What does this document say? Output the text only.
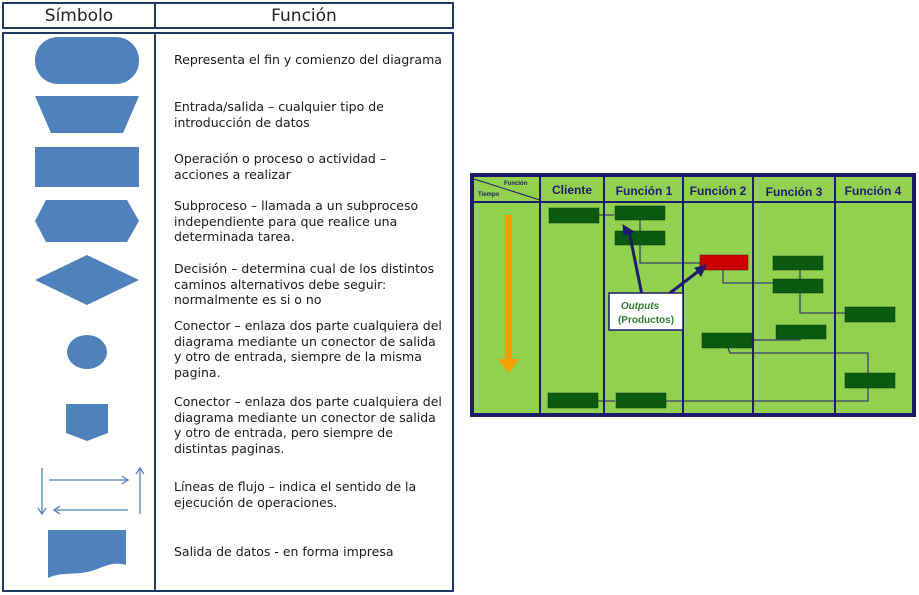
Símbolo	Función
Representa el fin y comienzo del diagrama
Entrada/salida – cualquier tipo de introducción de datos
Operación o proceso o actividad – acciones a realizar
Subproceso – llamada a un subproceso independiente para que realice una determinada tarea.
Decisión – determina cual de los distintos caminos alternativos debe seguir: normalmente es si o no
Conector – enlaza dos parte cualquiera del diagrama mediante un conector de salida y otro de entrada, siempre de la misma pagina.
Conector – enlaza dos parte cualquiera del diagrama mediante un conector de salida y otro de entrada, pero siempre de distintas paginas.
Líneas de flujo – indica el sentido de la ejecución de operaciones.
Salida de datos - en forma impresa
Función
Tiempo	Cliente Función 1 Función 2 Función 3 Función 4
Outputs
(Productos)
